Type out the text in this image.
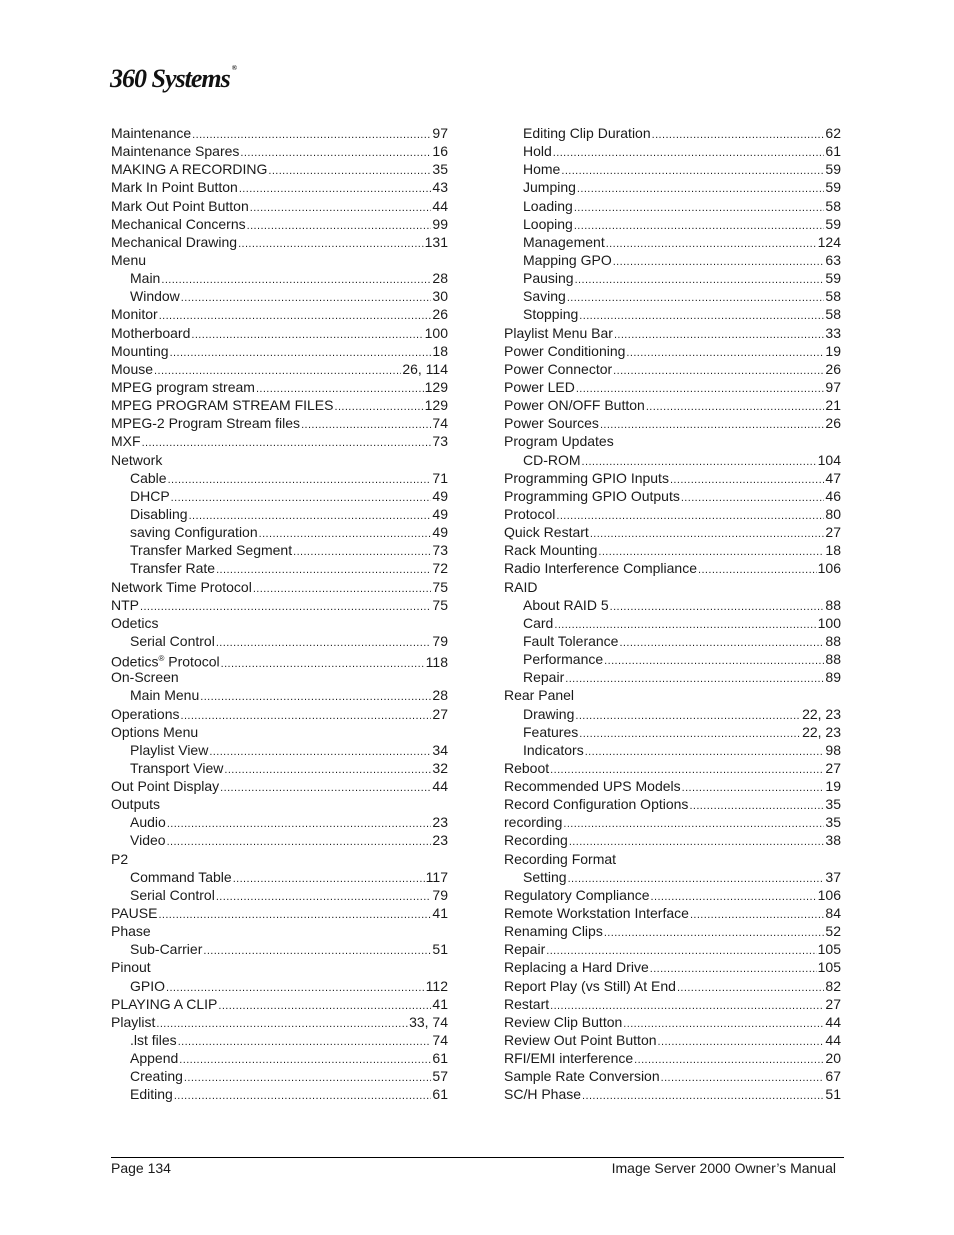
360 Systems ®
Maintenance .....	97
Maintenance Spares .....	16
MAKING A RECORDING .....	35
Mark In Point Button .....	43
Mark Out Point Button .....	44
Mechanical Concerns .....	99
Mechanical Drawing .....	131
Menu
Main .....	28
Window .....	30
Monitor .....	26
Motherboard .....	100
Mounting .....	18
Mouse .....	26, 114
MPEG program stream .....	129
MPEG PROGRAM STREAM FILES .....	129
MPEG-2 Program Stream files .....	74
MXF .....	73
Network
Cable .....	71
DHCP .....	49
Disabling .....	49
saving Configuration .....	49
Transfer Marked Segment .....	73
Transfer Rate .....	72
Network Time Protocol .....	75
NTP .....	75
Odetics
Serial Control .....	79
Odetics® Protocol .....	118
On-Screen
Main Menu .....	28
Operations .....	27
Options Menu
Playlist View .....	34
Transport View .....	32
Out Point Display .....	44
Outputs
Audio .....	23
Video .....	23
P2
Command Table .....	117
Serial Control .....	79
PAUSE .....	41
Phase
Sub-Carrier .....	51
Pinout
GPIO .....	112
PLAYING A CLIP .....	41
Playlist .....	33, 74
.lst files .....	74
Append .....	61
Creating .....	57
Editing .....	61
Editing Clip Duration .....	62
Hold .....	61
Home .....	59
Jumping .....	59
Loading .....	58
Looping .....	59
Management .....	124
Mapping GPO .....	63
Pausing .....	59
Saving .....	58
Stopping .....	58
Playlist Menu Bar .....	33
Power Conditioning .....	19
Power Connector .....	26
Power LED .....	97
Power ON/OFF Button .....	21
Power Sources .....	26
Program Updates
CD-ROM .....	104
Programming GPIO Inputs .....	47
Programming GPIO Outputs .....	46
Protocol .....	80
Quick Restart .....	27
Rack Mounting .....	18
Radio Interference Compliance .....	106
RAID
About RAID 5 .....	88
Card .....	100
Fault Tolerance .....	88
Performance .....	88
Repair .....	89
Rear Panel
Drawing .....	22, 23
Features .....	22, 23
Indicators .....	98
Reboot .....	27
Recommended UPS Models .....	19
Record Configuration Options .....	35
recording .....	35
Recording .....	38
Recording Format
Setting .....	37
Regulatory Compliance .....	106
Remote Workstation Interface .....	84
Renaming Clips .....	52
Repair .....	105
Replacing a Hard Drive .....	105
Report Play (vs Still) At End .....	82
Restart .....	27
Review Clip Button .....	44
Review Out Point Button .....	44
RFI/EMI interference .....	20
Sample Rate Conversion .....	67
SC/H Phase .....	51
Page 134	Image Server 2000 Owner’s Manual
